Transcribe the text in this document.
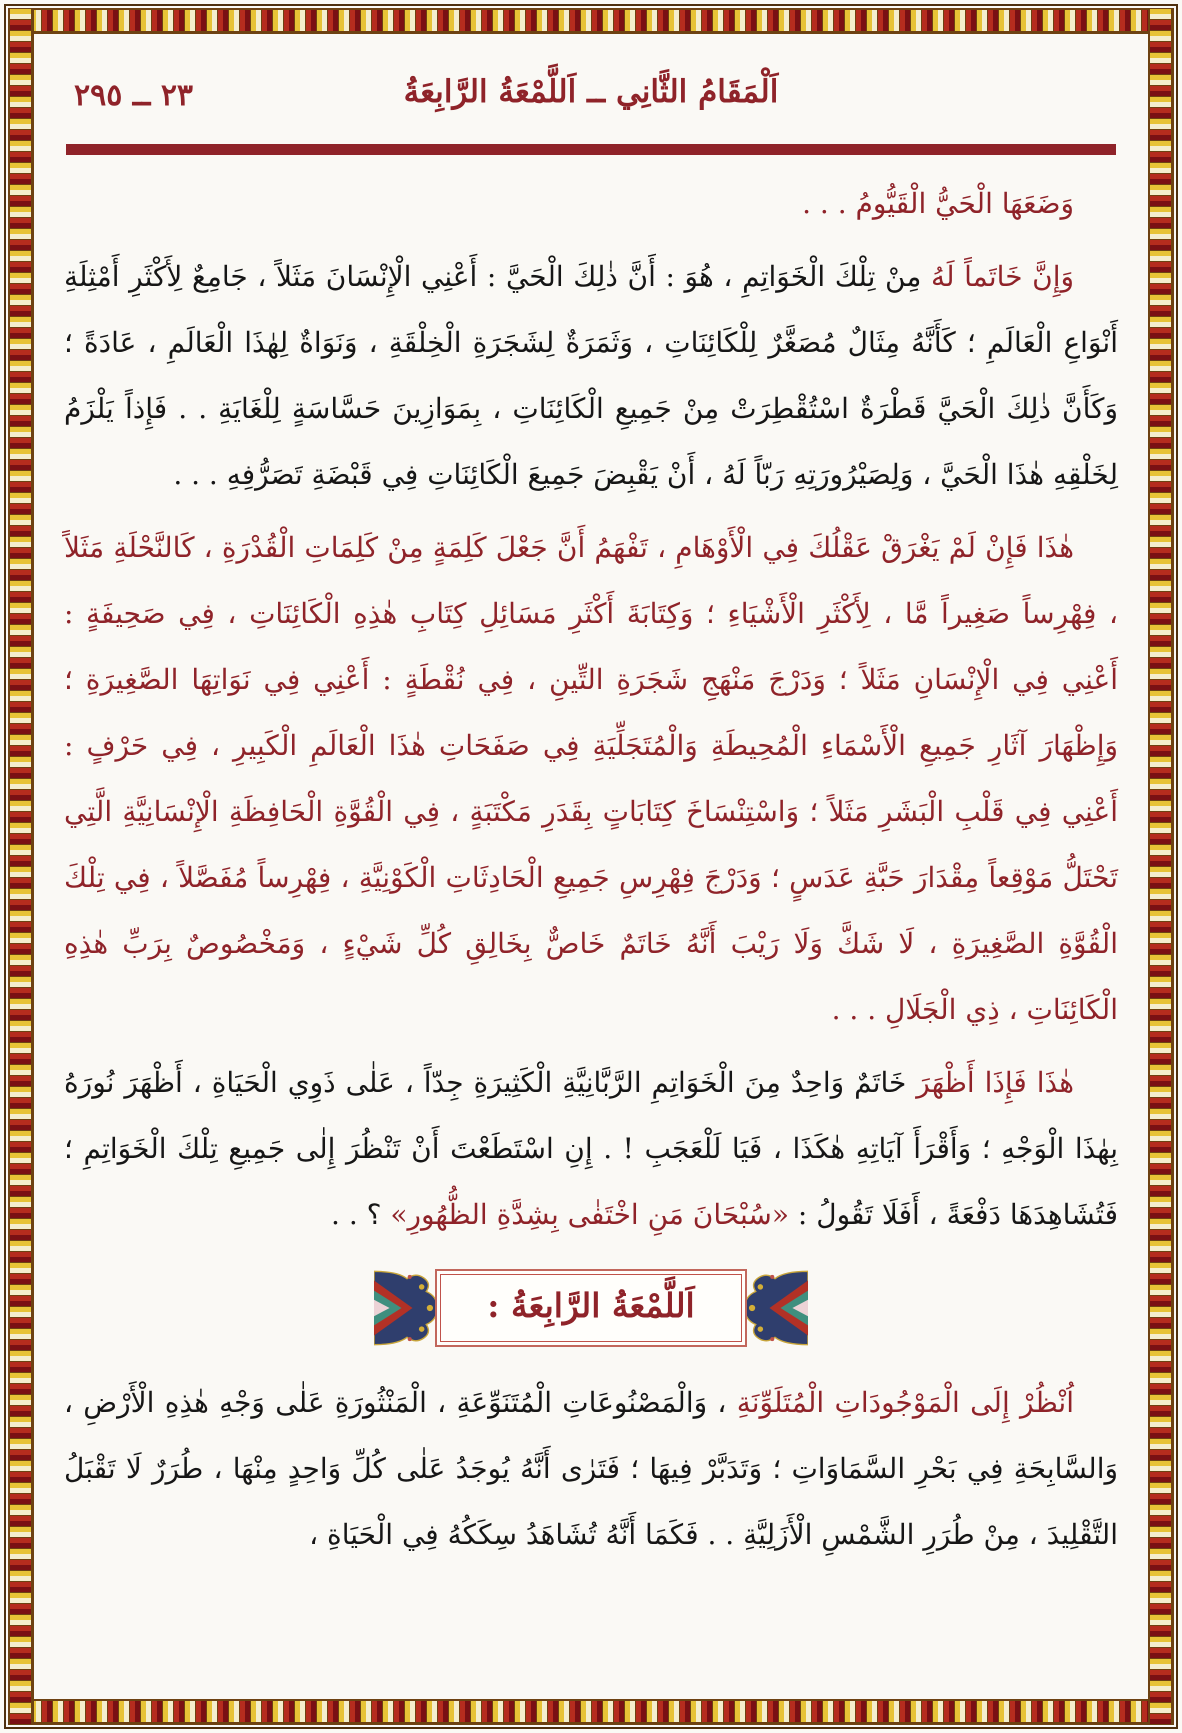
٢٣ ــ ٢٩٥	اَلْمَقَامُ الثَّانِي ــ اَللَّمْعَةُ الرَّابِعَةُ

وَضَعَهَا الْحَيُّ الْقَيُّومُ . . .

وَإِنَّ خَاتَماً لَهُ مِنْ تِلْكَ الْخَوَاتِمِ ، هُوَ : أَنَّ ذٰلِكَ الْحَيَّ : أَعْنِي الْإِنْسَانَ مَثَلاً ، جَامِعٌ لِأَكْثَرِ أَمْثِلَةِ أَنْوَاعِ الْعَالَمِ ؛ كَأَنَّهُ مِثَالٌ مُصَغَّرٌ لِلْكَائِنَاتِ ، وَثَمَرَةٌ لِشَجَرَةِ الْخِلْقَةِ ، وَنَوَاةٌ لِهٰذَا الْعَالَمِ ، عَادَةً ؛ وَكَأَنَّ ذٰلِكَ الْحَيَّ قَطْرَةٌ اسْتُقْطِرَتْ مِنْ جَمِيعِ الْكَائِنَاتِ ، بِمَوَازِينَ حَسَّاسَةٍ لِلْغَايَةِ . . فَإِذاً يَلْزَمُ لِخَلْقِهِ هٰذَا الْحَيَّ ، وَلِصَيْرُورَتِهِ رَبّاً لَهُ ، أَنْ يَقْبِضَ جَمِيعَ الْكَائِنَاتِ فِي قَبْضَةِ تَصَرُّفِهِ . . .

هٰذَا فَإِنْ لَمْ يَغْرَقْ عَقْلُكَ فِي الْأَوْهَامِ ، تَفْهَمُ أَنَّ جَعْلَ كَلِمَةٍ مِنْ كَلِمَاتِ الْقُدْرَةِ ، كَالنَّحْلَةِ مَثَلاً ، فِهْرِساً صَغِيراً مَّا ، لِأَكْثَرِ الْأَشْيَاءِ ؛ وَكِتَابَةَ أَكْثَرِ مَسَائِلِ كِتَابِ هٰذِهِ الْكَائِنَاتِ ، فِي صَحِيفَةٍ : أَعْنِي فِي الْإِنْسَانِ مَثَلاً ؛ وَدَرْجَ مَنْهَجِ شَجَرَةِ التِّينِ ، فِي نُقْطَةٍ : أَعْنِي فِي نَوَاتِهَا الصَّغِيرَةِ ؛ وَإِظْهَارَ آثَارِ جَمِيعِ الْأَسْمَاءِ الْمُحِيطَةِ وَالْمُتَجَلِّيَةِ فِي صَفَحَاتِ هٰذَا الْعَالَمِ الْكَبِيرِ ، فِي حَرْفٍ : أَعْنِي فِي قَلْبِ الْبَشَرِ مَثَلاً ؛ وَاسْتِنْسَاخَ كِتَابَاتٍ بِقَدَرِ مَكْتَبَةٍ ، فِي الْقُوَّةِ الْحَافِظَةِ الْإِنْسَانِيَّةِ الَّتِي تَحْتَلُّ مَوْقِعاً مِقْدَارَ حَبَّةِ عَدَسٍ ؛ وَدَرْجَ فِهْرِسِ جَمِيعِ الْحَادِثَاتِ الْكَوْنِيَّةِ ، فِهْرِساً مُفَصَّلاً ، فِي تِلْكَ الْقُوَّةِ الصَّغِيرَةِ ، لَا شَكَّ وَلَا رَيْبَ أَنَّهُ خَاتَمٌ خَاصٌّ بِخَالِقِ كُلِّ شَيْءٍ ، وَمَخْصُوصٌ بِرَبِّ هٰذِهِ الْكَائِنَاتِ ، ذِي الْجَلَالِ . . .

هٰذَا فَإِذَا أَظْهَرَ خَاتَمٌ وَاحِدٌ مِنَ الْخَوَاتِمِ الرَّبَّانِيَّةِ الْكَثِيرَةِ جِدّاً ، عَلٰى ذَوِي الْحَيَاةِ ، أَظْهَرَ نُورَهُ بِهٰذَا الْوَجْهِ ؛ وَأَقْرَأَ آيَاتِهِ هٰكَذَا ، فَيَا لَلْعَجَبِ ! . إِنِ اسْتَطَعْتَ أَنْ تَنْظُرَ إِلٰى جَمِيعِ تِلْكَ الْخَوَاتِمِ ؛ فَتُشَاهِدَهَا دَفْعَةً ، أَفَلَا تَقُولُ : «سُبْحَانَ مَنِ اخْتَفٰى بِشِدَّةِ الظُّهُورِ» ؟ . .

اَللَّمْعَةُ الرَّابِعَةُ :

اُنْظُرْ إِلَى الْمَوْجُودَاتِ الْمُتَلَوِّنَةِ ، وَالْمَصْنُوعَاتِ الْمُتَنَوِّعَةِ ، الْمَنْثُورَةِ عَلٰى وَجْهِ هٰذِهِ الْأَرْضِ ، وَالسَّابِحَةِ فِي بَحْرِ السَّمَاوَاتِ ؛ وَتَدَبَّرْ فِيهَا ؛ فَتَرٰى أَنَّهُ يُوجَدُ عَلٰى كُلِّ وَاحِدٍ مِنْهَا ، طُرَرٌ لَا تَقْبَلُ التَّقْلِيدَ ، مِنْ طُرَرِ الشَّمْسِ الْأَزَلِيَّةِ . . فَكَمَا أَنَّهُ تُشَاهَدُ سِكَكُهُ فِي الْحَيَاةِ ،
